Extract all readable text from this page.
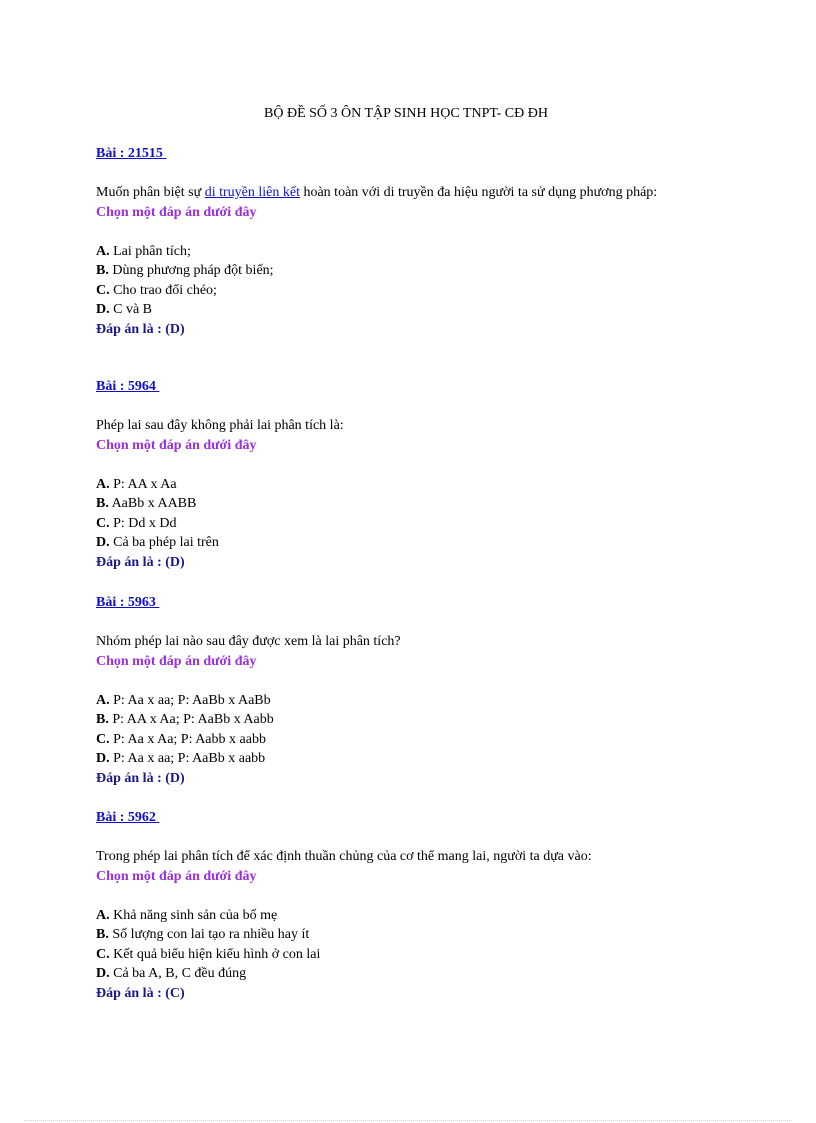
BỘ ĐỀ SỐ 3 ÔN TẬP SINH HỌC TNPT- CĐ ĐH
Bài : 21515
Muốn phân biệt sự di truyền liên kết hoàn toàn với di truyền đa hiệu người ta sử dụng phương pháp:
Chọn một đáp án dưới đây
A. Lai phân tích;
B. Dùng phương pháp đột biến;
C. Cho trao đổi chéo;
D. C và B
Đáp án là : (D)
Bài : 5964
Phép lai sau đây không phải lai phân tích là:
Chọn một đáp án dưới đây
A. P: AA x Aa
B. AaBb x AABB
C. P: Dd x Dd
D. Cả ba phép lai trên
Đáp án là : (D)
Bài : 5963
Nhóm phép lai nào sau đây được xem là lai phân tích?
Chọn một đáp án dưới đây
A. P: Aa x aa; P: AaBb x AaBb
B. P: AA x Aa; P: AaBb x Aabb
C. P: Aa x Aa; P: Aabb x aabb
D. P: Aa x aa; P: AaBb x aabb
Đáp án là : (D)
Bài : 5962
Trong phép lai phân tích để xác định thuần chủng của cơ thể mang lai, người ta dựa vào:
Chọn một đáp án dưới đây
A. Khả năng sinh sản của bố mẹ
B. Số lượng con lai tạo ra nhiều hay ít
C. Kết quả biểu hiện kiểu hình ở con lai
D. Cả ba A, B, C đều đúng
Đáp án là : (C)
